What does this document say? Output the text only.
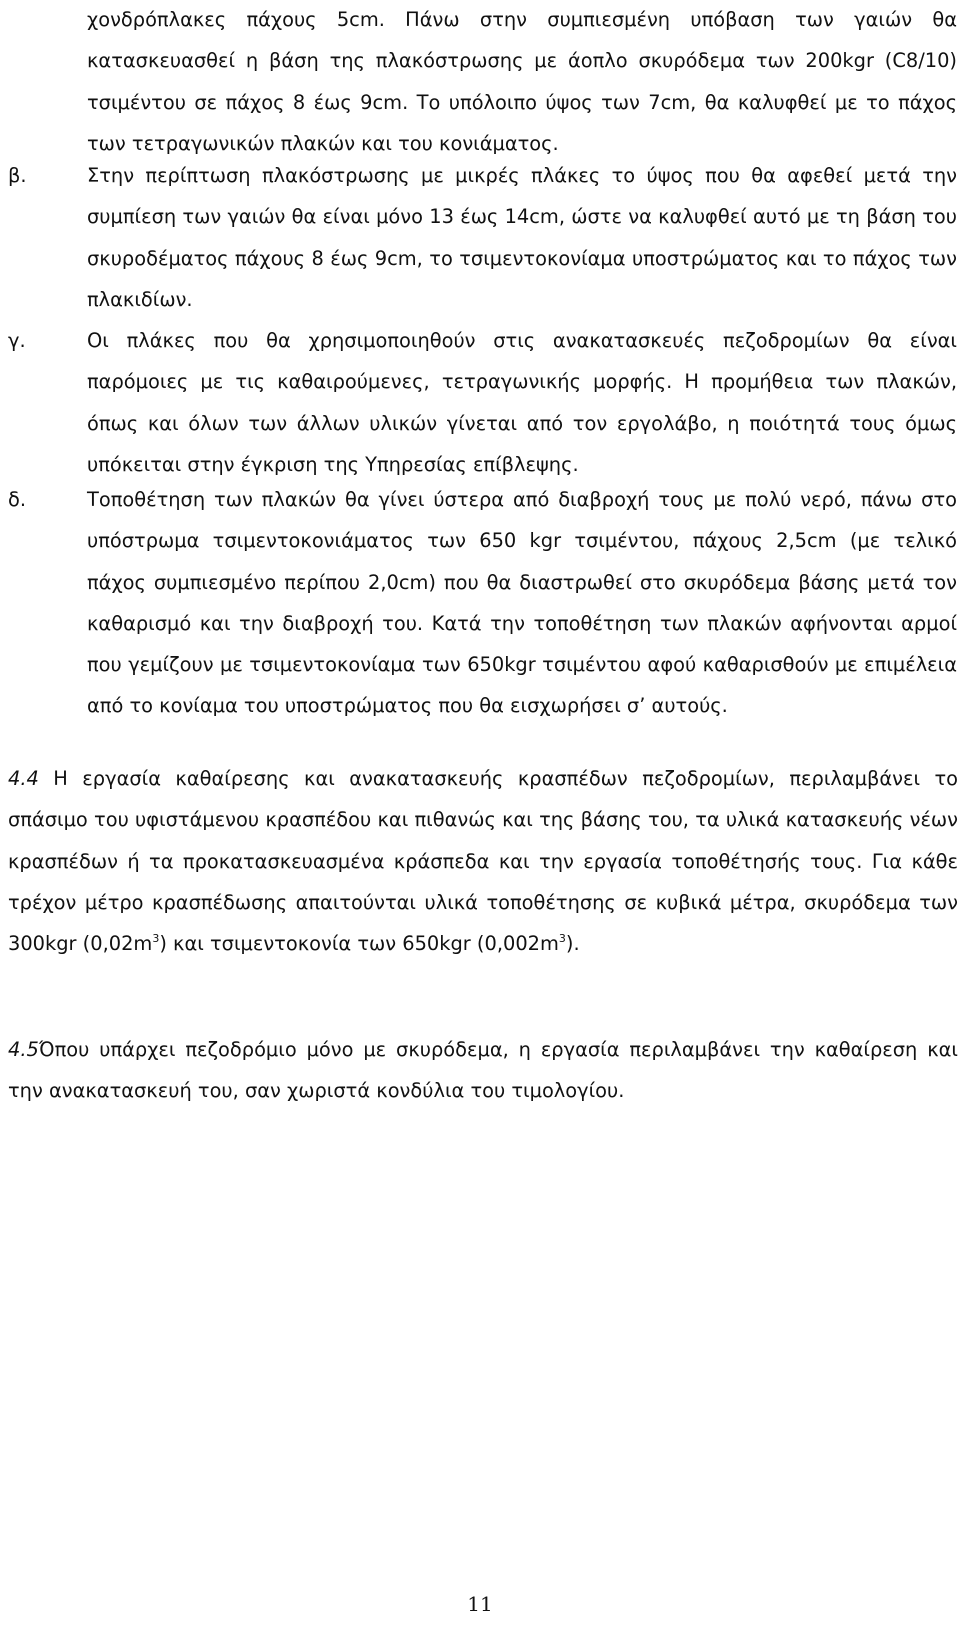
χονδρόπλακες πάχους 5cm. Πάνω στην συμπιεσμένη υπόβαση των γαιών θα κατασκευασθεί η βάση της πλακόστρωσης με άοπλο σκυρόδεμα των 200kgr (C8/10) τσιμέντου σε πάχος 8 έως 9cm. Το υπόλοιπο ύψος των 7cm, θα καλυφθεί με το πάχος των τετραγωνικών πλακών και του κονιάματος.

β.	Στην περίπτωση πλακόστρωσης με μικρές πλάκες το ύψος που θα αφεθεί μετά την συμπίεση των γαιών θα είναι μόνο 13 έως 14cm, ώστε να καλυφθεί αυτό με τη βάση του σκυροδέματος πάχους 8 έως 9cm, το τσιμεντοκονίαμα υποστρώματος και το πάχος των πλακιδίων.

γ.	Οι πλάκες που θα χρησιμοποιηθούν στις ανακατασκευές πεζοδρομίων θα είναι παρόμοιες με τις καθαιρούμενες, τετραγωνικής μορφής. Η προμήθεια των πλακών, όπως και όλων των άλλων υλικών γίνεται από τον εργολάβο, η ποιότητά τους όμως υπόκειται στην έγκριση της Υπηρεσίας επίβλεψης.

δ.	Τοποθέτηση των πλακών θα γίνει ύστερα από διαβροχή τους με πολύ νερό, πάνω στο υπόστρωμα τσιμεντοκονιάματος των 650 kgr τσιμέντου, πάχους 2,5cm (με τελικό πάχος συμπιεσμένο περίπου 2,0cm) που θα διαστρωθεί στο σκυρόδεμα βάσης μετά τον καθαρισμό και την διαβροχή του. Κατά την τοποθέτηση των πλακών αφήνονται αρμοί που γεμίζουν με τσιμεντοκονίαμα των 650kgr τσιμέντου αφού καθαρισθούν με επιμέλεια από το κονίαμα του υποστρώματος που θα εισχωρήσει σ’ αυτούς.

4.4 Η εργασία καθαίρεσης και ανακατασκευής κρασπέδων πεζοδρομίων, περιλαμβάνει το σπάσιμο του υφιστάμενου κρασπέδου και πιθανώς και της βάσης του, τα υλικά κατασκευής νέων κρασπέδων ή τα προκατασκευασμένα κράσπεδα και την εργασία τοποθέτησής τους. Για κάθε τρέχον μέτρο κρασπέδωσης απαιτούνται υλικά τοποθέτησης σε κυβικά μέτρα, σκυρόδεμα των 300kgr $(0,02m^3)$ και τσιμεντοκονία των 650kgr $(0,002m^3)$.

4.5Όπου υπάρχει πεζοδρόμιο μόνο με σκυρόδεμα, η εργασία περιλαμβάνει την καθαίρεση και την ανακατασκευή του, σαν χωριστά κονδύλια του τιμολογίου.

11
